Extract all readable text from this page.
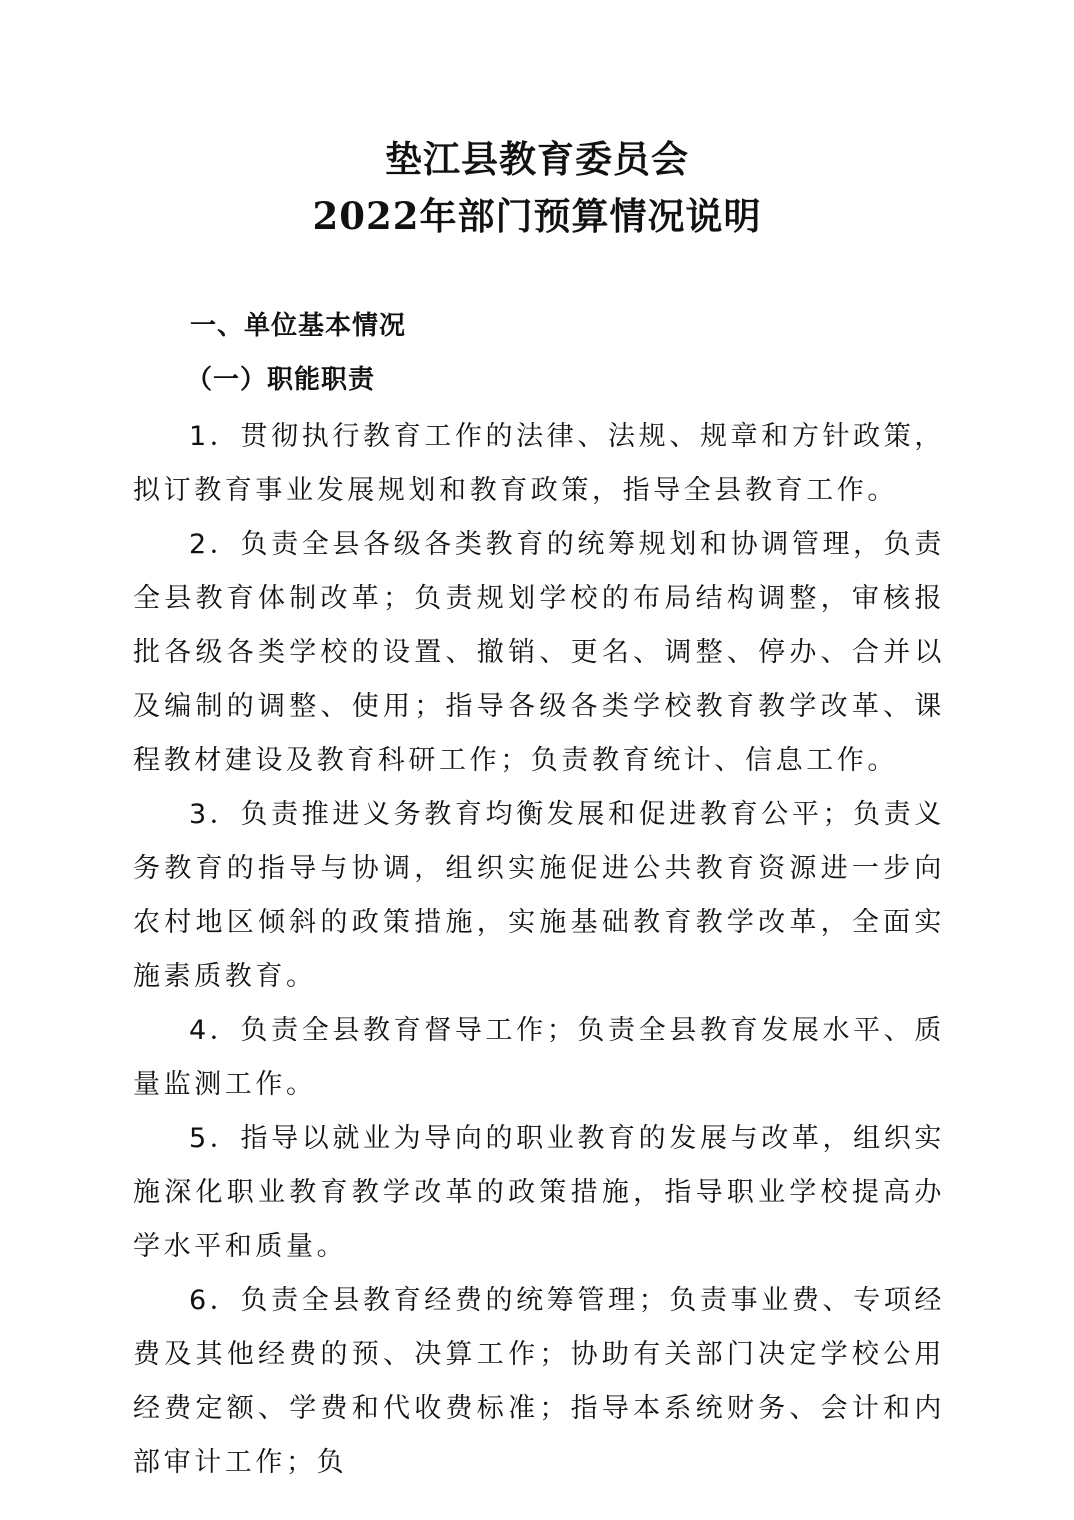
垫江县教育委员会
2022年部门预算情况说明
一、单位基本情况
（一）职能职责

1．贯彻执行教育工作的法律、法规、规章和方针政策，拟订教育事业发展规划和教育政策，指导全县教育工作。

2．负责全县各级各类教育的统筹规划和协调管理，负责全县教育体制改革；负责规划学校的布局结构调整，审核报批各级各类学校的设置、撤销、更名、调整、停办、合并以及编制的调整、使用；指导各级各类学校教育教学改革、课程教材建设及教育科研工作；负责教育统计、信息工作。

3．负责推进义务教育均衡发展和促进教育公平；负责义务教育的指导与协调，组织实施促进公共教育资源进一步向农村地区倾斜的政策措施，实施基础教育教学改革，全面实施素质教育。

4．负责全县教育督导工作；负责全县教育发展水平、质量监测工作。

5．指导以就业为导向的职业教育的发展与改革，组织实施深化职业教育教学改革的政策措施，指导职业学校提高办学水平和质量。

6．负责全县教育经费的统筹管理；负责事业费、专项经费及其他经费的预、决算工作；协助有关部门决定学校公用经费定额、学费和代收费标准；指导本系统财务、会计和内部审计工作；负
